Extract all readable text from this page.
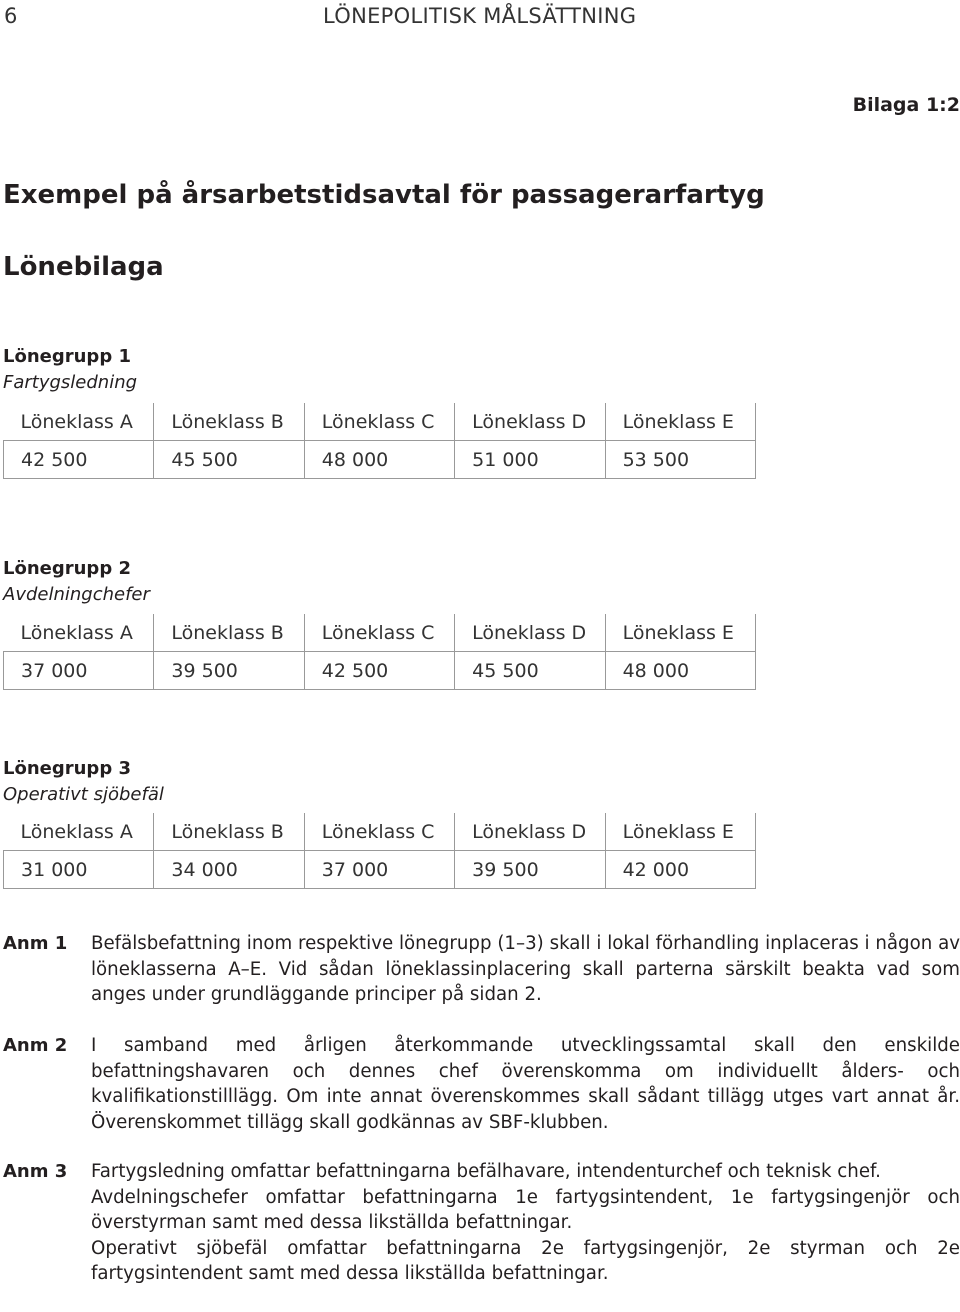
6	LÖNEPOLITISK MÅLSÄTTNING
Bilaga 1:2
Exempel på årsarbetstidsavtal för passagerarfartyg
Lönebilaga
Lönegrupp 1
Fartygsledning
Löneklass A	Löneklass B	Löneklass C	Löneklass D	Löneklass E
42 500	45 500	48 000	51 000	53 500
Lönegrupp 2
Avdelningchefer
Löneklass A	Löneklass B	Löneklass C	Löneklass D	Löneklass E
37 000	39 500	42 500	45 500	48 000
Lönegrupp 3
Operativt sjöbefäl
Löneklass A	Löneklass B	Löneklass C	Löneklass D	Löneklass E
31 000	34 000	37 000	39 500	42 000
Anm 1 Befälsbefattning inom respektive lönegrupp (1–3) skall i lokal förhandling inplaceras i någon av löneklasserna A–E. Vid sådan löneklassinplacering skall parterna särskilt beakta vad som anges under grundläggande principer på sidan 2.

Anm 2 I samband med årligen återkommande utvecklingssamtal skall den enskilde befattningshavaren och dennes chef överenskomma om individuellt ålders- och kvalifikationstilllägg. Om inte annat överenskommes skall sådant tillägg utges vart annat år. Överenskommet tillägg skall godkännas av SBF-klubben.

Anm 3 Fartygsledning omfattar befattningarna befälhavare, intendenturchef och teknisk chef.

Avdelningschefer omfattar befattningarna 1e fartygsintendent, 1e fartygsingenjör och överstyrman samt med dessa likställda befattningar.

Operativt sjöbefäl omfattar befattningarna 2e fartygsingenjör, 2e styrman och 2e fartygsintendent samt med dessa likställda befattningar.
